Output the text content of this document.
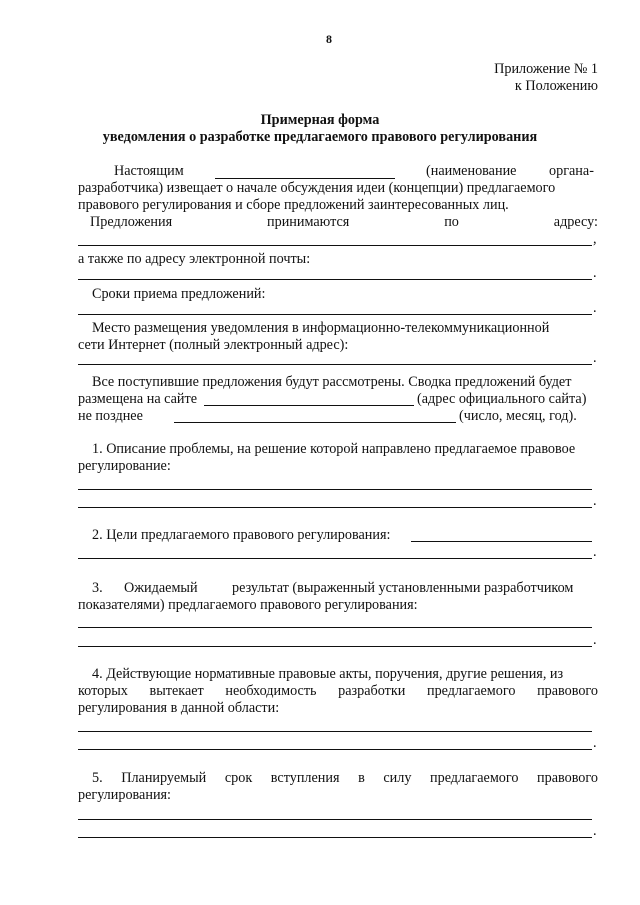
8
Приложение № 1
к Положению
Примерная форма
уведомления о разработке предлагаемого правового регулирования
Настоящим	(наименование органа-
разработчика) извещает о начале обсуждения идеи (концепции) предлагаемого
правового регулирования и сборе предложений заинтересованных лиц.
Предложения	принимаются	по	адресу:
,
а также по адресу электронной почты:
.
Сроки приема предложений:
.
Место размещения уведомления в информационно-телекоммуникационной
сети Интернет (полный электронный адрес):
.
Все поступившие предложения будут рассмотрены. Сводка предложений будет
размещена на сайте	(адрес официального сайта)
не позднее	(число, месяц, год).
1. Описание проблемы, на решение которой направлено предлагаемое правовое
регулирование:
.
2. Цели предлагаемого правового регулирования:
.
3. Ожидаемый результат (выраженный установленными разработчиком
показателями) предлагаемого правового регулирования:
.
4. Действующие нормативные правовые акты, поручения, другие решения, из
которых вытекает необходимость разработки предлагаемого правового
регулирования в данной области:
.
5. Планируемый срок вступления в силу предлагаемого правового
регулирования:
.
